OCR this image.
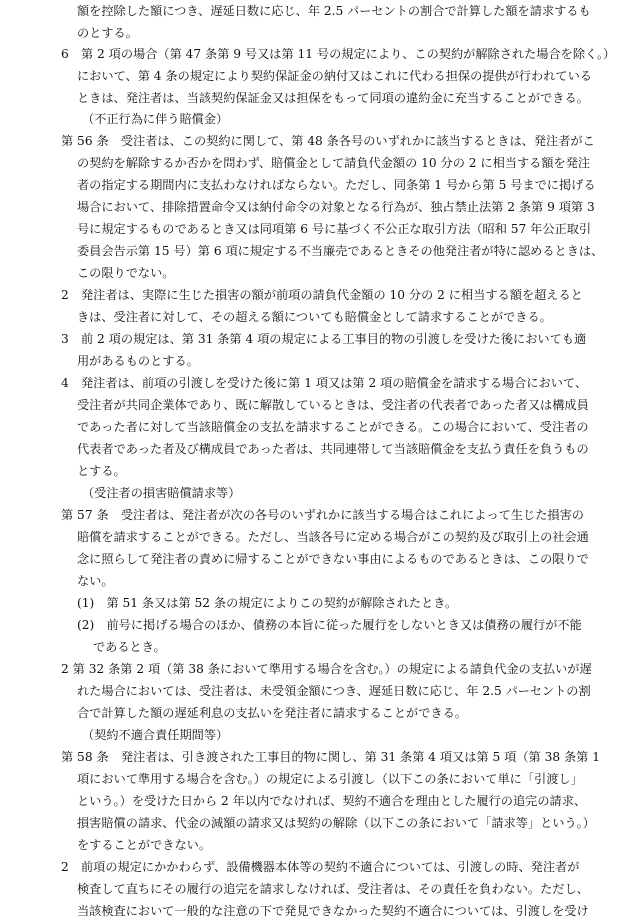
額を控除した額につき、遅延日数に応じ、年 2.5 パーセントの割合で計算した額を請求するも
のとする。
6　第 2 項の場合（第 47 条第 9 号又は第 11 号の規定により、この契約が解除された場合を除く。）
において、第 4 条の規定により契約保証金の納付又はこれに代わる担保の提供が行われている
ときは、発注者は、当該契約保証金又は担保をもって同項の違約金に充当することができる。
（不正行為に伴う賠償金）
第 56 条　受注者は、この契約に関して、第 48 条各号のいずれかに該当するときは、発注者がこ
の契約を解除するか否かを問わず、賠償金として請負代金額の 10 分の 2 に相当する額を発注
者の指定する期間内に支払わなければならない。ただし、同条第 1 号から第 5 号までに掲げる
場合において、排除措置命令又は納付命令の対象となる行為が、独占禁止法第 2 条第 9 項第 3
号に規定するものであるとき又は同項第 6 号に基づく不公正な取引方法（昭和 57 年公正取引
委員会告示第 15 号）第 6 項に規定する不当廉売であるときその他発注者が特に認めるときは、
この限りでない。
2　発注者は、実際に生じた損害の額が前項の請負代金額の 10 分の 2 に相当する額を超えると
きは、受注者に対して、その超える額についても賠償金として請求することができる。
3　前 2 項の規定は、第 31 条第 4 項の規定による工事目的物の引渡しを受けた後においても適
用があるものとする。
4　発注者は、前項の引渡しを受けた後に第 1 項又は第 2 項の賠償金を請求する場合において、
受注者が共同企業体であり、既に解散しているときは、受注者の代表者であった者又は構成員
であった者に対して当該賠償金の支払を請求することができる。この場合において、受注者の
代表者であった者及び構成員であった者は、共同連帯して当該賠償金を支払う責任を負うもの
とする。
（受注者の損害賠償請求等）
第 57 条　受注者は、発注者が次の各号のいずれかに該当する場合はこれによって生じた損害の
賠償を請求することができる。ただし、当該各号に定める場合がこの契約及び取引上の社会通
念に照らして発注者の責めに帰することができない事由によるものであるときは、この限りで
ない。
(1)　第 51 条又は第 52 条の規定によりこの契約が解除されたとき。
(2)　前号に掲げる場合のほか、債務の本旨に従った履行をしないとき又は債務の履行が不能
であるとき。
2 第 32 条第 2 項（第 38 条において準用する場合を含む。）の規定による請負代金の支払いが遅
れた場合においては、受注者は、未受領金額につき、遅延日数に応じ、年 2.5 パーセントの割
合で計算した額の遅延利息の支払いを発注者に請求することができる。
（契約不適合責任期間等）
第 58 条　発注者は、引き渡された工事目的物に関し、第 31 条第 4 項又は第 5 項（第 38 条第 1
項において準用する場合を含む。）の規定による引渡し（以下この条において単に「引渡し」
という。）を受けた日から 2 年以内でなければ、契約不適合を理由とした履行の追完の請求、
損害賠償の請求、代金の減額の請求又は契約の解除（以下この条において「請求等」という。）
をすることができない。
2　前項の規定にかかわらず、設備機器本体等の契約不適合については、引渡しの時、発注者が
検査して直ちにその履行の追完を請求しなければ、受注者は、その責任を負わない。ただし、
当該検査において一般的な注意の下で発見できなかった契約不適合については、引渡しを受け
